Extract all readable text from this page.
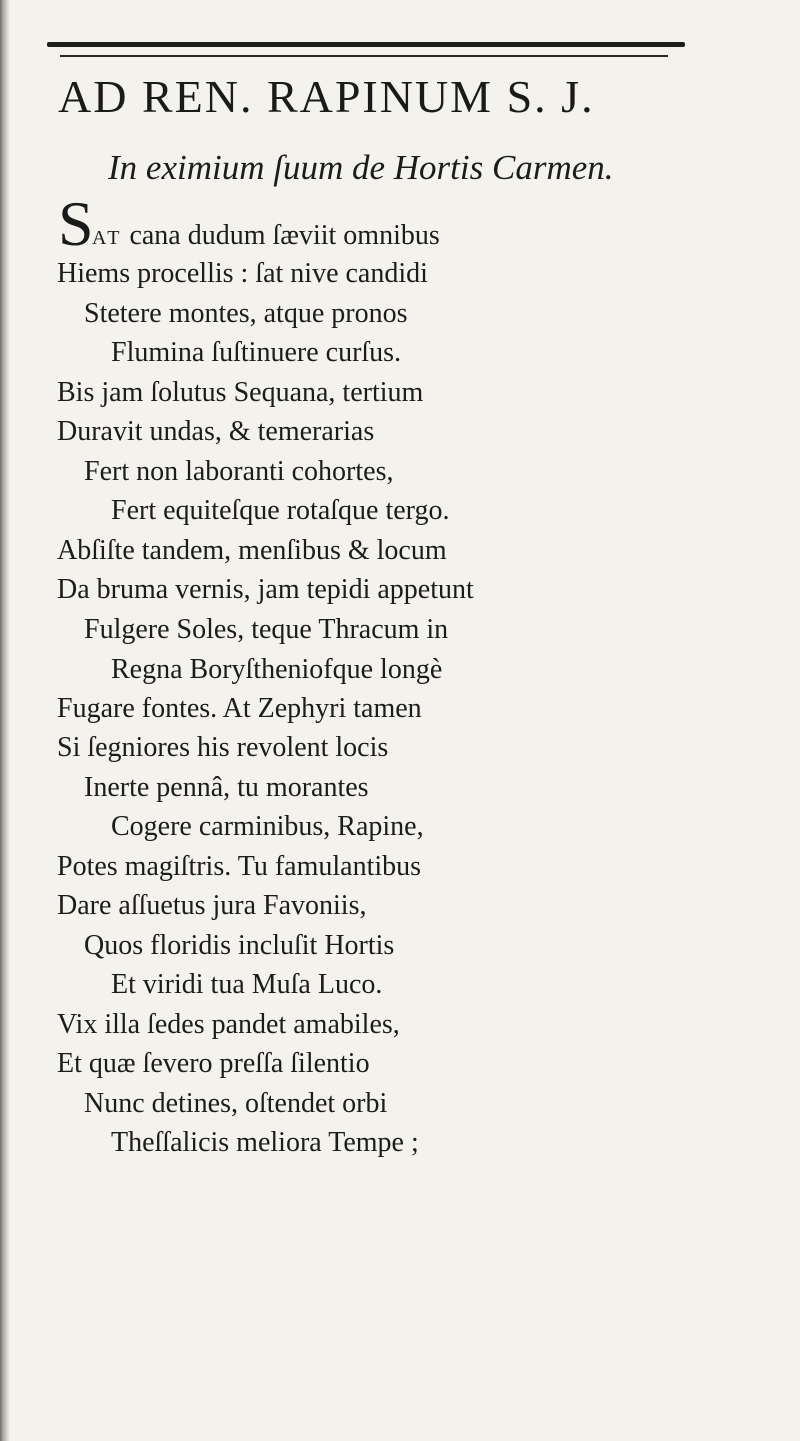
AD REN. RAPINUM S. J.
In eximium ſuum de Hortis Carmen.
S
AT cana dudum ſæviit omnibus
Hiems procellis : ſat nive candidi
Stetere montes, atque pronos
Flumina ſuſtinuere curſus.
Bis jam ſolutus Sequana, tertium
Duravit undas, & temerarias
Fert non laboranti cohortes,
Fert equiteſque rotaſque tergo.
Abſiſte tandem, menſibus & locum
Da bruma vernis, jam tepidi appetunt
Fulgere Soles, teque Thracum in
Regna Boryſtheniofque longè
Fugare fontes. At Zephyri tamen
Si ſegniores his revolent locis
Inerte pennâ, tu morantes
Cogere carminibus, Rapine,
Potes magiſtris. Tu famulantibus
Dare aſſuetus jura Favoniis,
Quos floridis incluſit Hortis
Et viridi tua Muſa Luco.
Vix illa ſedes pandet amabiles,
Et quæ ſevero preſſa ſilentio
Nunc detines, oſtendet orbi
Theſſalicis meliora Tempe ;
